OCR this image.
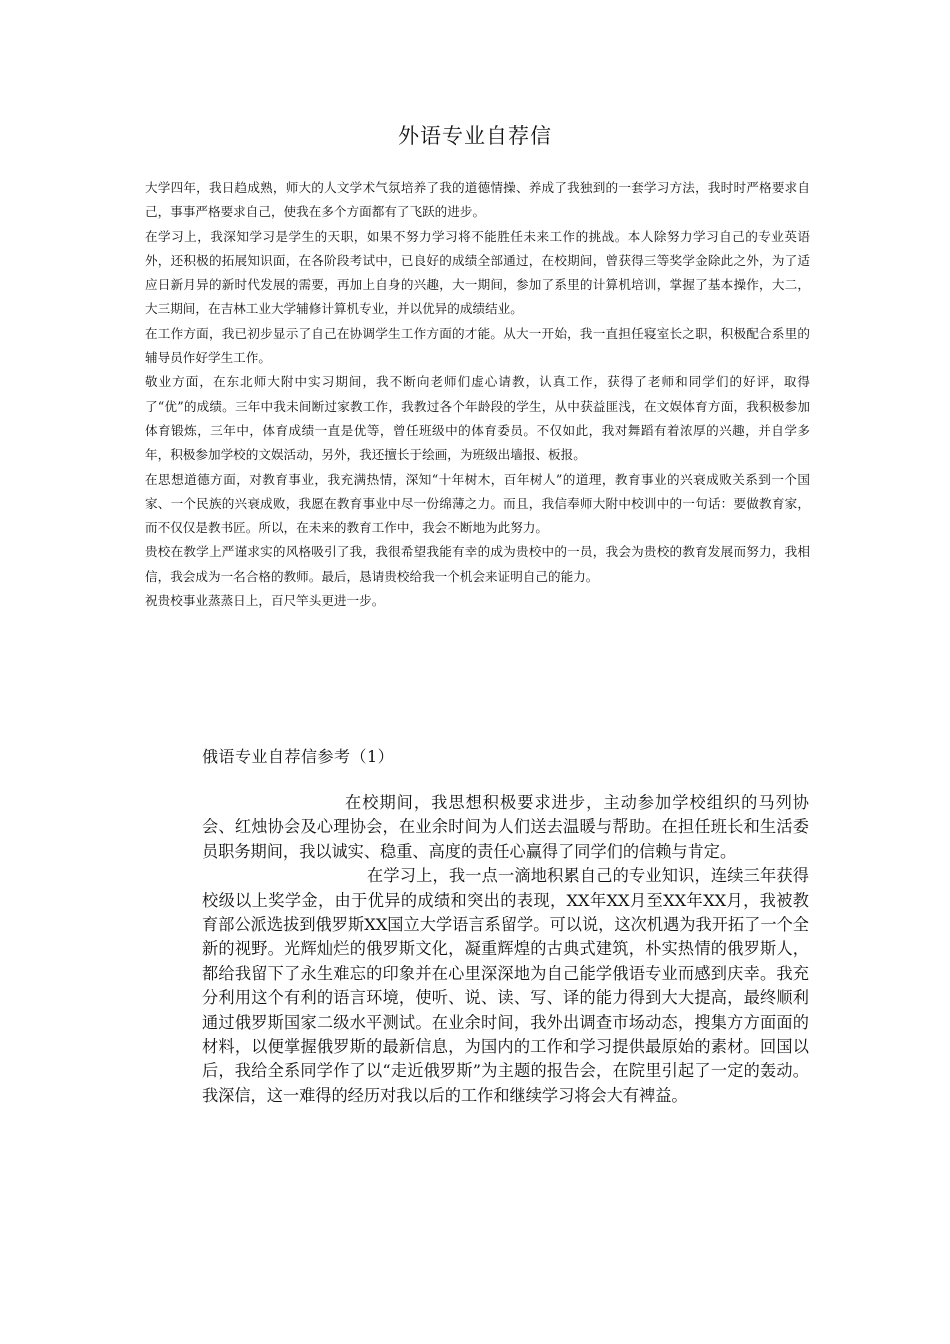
外语专业自荐信

大学四年，我日趋成熟，师大的人文学术气氛培养了我的道德情操、养成了我独到的一套学习方法，我时时严格要求自己，事事严格要求自己，使我在多个方面都有了飞跃的进步。

在学习上，我深知学习是学生的天职，如果不努力学习将不能胜任未来工作的挑战。本人除努力学习自己的专业英语外，还积极的拓展知识面，在各阶段考试中，已良好的成绩全部通过，在校期间，曾获得三等奖学金除此之外，为了适应日新月异的新时代发展的需要，再加上自身的兴趣，大一期间，参加了系里的计算机培训，掌握了基本操作，大二，大三期间，在吉林工业大学辅修计算机专业，并以优异的成绩结业。

在工作方面，我已初步显示了自己在协调学生工作方面的才能。从大一开始，我一直担任寝室长之职，积极配合系里的辅导员作好学生工作。

敬业方面，在东北师大附中实习期间，我不断向老师们虚心请教，认真工作，获得了老师和同学们的好评，取得了“优”的成绩。三年中我未间断过家教工作，我教过各个年龄段的学生，从中获益匪浅，在文娱体育方面，我积极参加体育锻炼，三年中，体育成绩一直是优等，曾任班级中的体育委员。不仅如此，我对舞蹈有着浓厚的兴趣，并自学多年，积极参加学校的文娱活动，另外，我还擅长于绘画，为班级出墙报、板报。

在思想道德方面，对教育事业，我充满热情，深知“十年树木，百年树人”的道理，教育事业的兴衰成败关系到一个国家、一个民族的兴衰成败，我愿在教育事业中尽一份绵薄之力。而且，我信奉师大附中校训中的一句话：要做教育家，而不仅仅是教书匠。所以，在未来的教育工作中，我会不断地为此努力。

贵校在教学上严谨求实的风格吸引了我，我很希望我能有幸的成为贵校中的一员，我会为贵校的教育发展而努力，我相信，我会成为一名合格的教师。最后，恳请贵校给我一个机会来证明自己的能力。

祝贵校事业蒸蒸日上，百尺竿头更进一步。

俄语专业自荐信参考（1）

在校期间，我思想积极要求进步，主动参加学校组织的马列协会、红烛协会及心理协会，在业余时间为人们送去温暖与帮助。在担任班长和生活委员职务期间，我以诚实、稳重、高度的责任心赢得了同学们的信赖与肯定。

在学习上，我一点一滴地积累自己的专业知识，连续三年获得校级以上奖学金，由于优异的成绩和突出的表现，XX年XX月至XX年XX月，我被教育部公派选拔到俄罗斯XX国立大学语言系留学。可以说，这次机遇为我开拓了一个全新的视野。光辉灿烂的俄罗斯文化，凝重辉煌的古典式建筑，朴实热情的俄罗斯人，都给我留下了永生难忘的印象并在心里深深地为自己能学俄语专业而感到庆幸。我充分利用这个有利的语言环境，使听、说、读、写、译的能力得到大大提高，最终顺利通过俄罗斯国家二级水平测试。在业余时间，我外出调查市场动态，搜集方方面面的材料，以便掌握俄罗斯的最新信息，为国内的工作和学习提供最原始的素材。回国以后，我给全系同学作了以“走近俄罗斯”为主题的报告会，在院里引起了一定的轰动。我深信，这一难得的经历对我以后的工作和继续学习将会大有裨益。
